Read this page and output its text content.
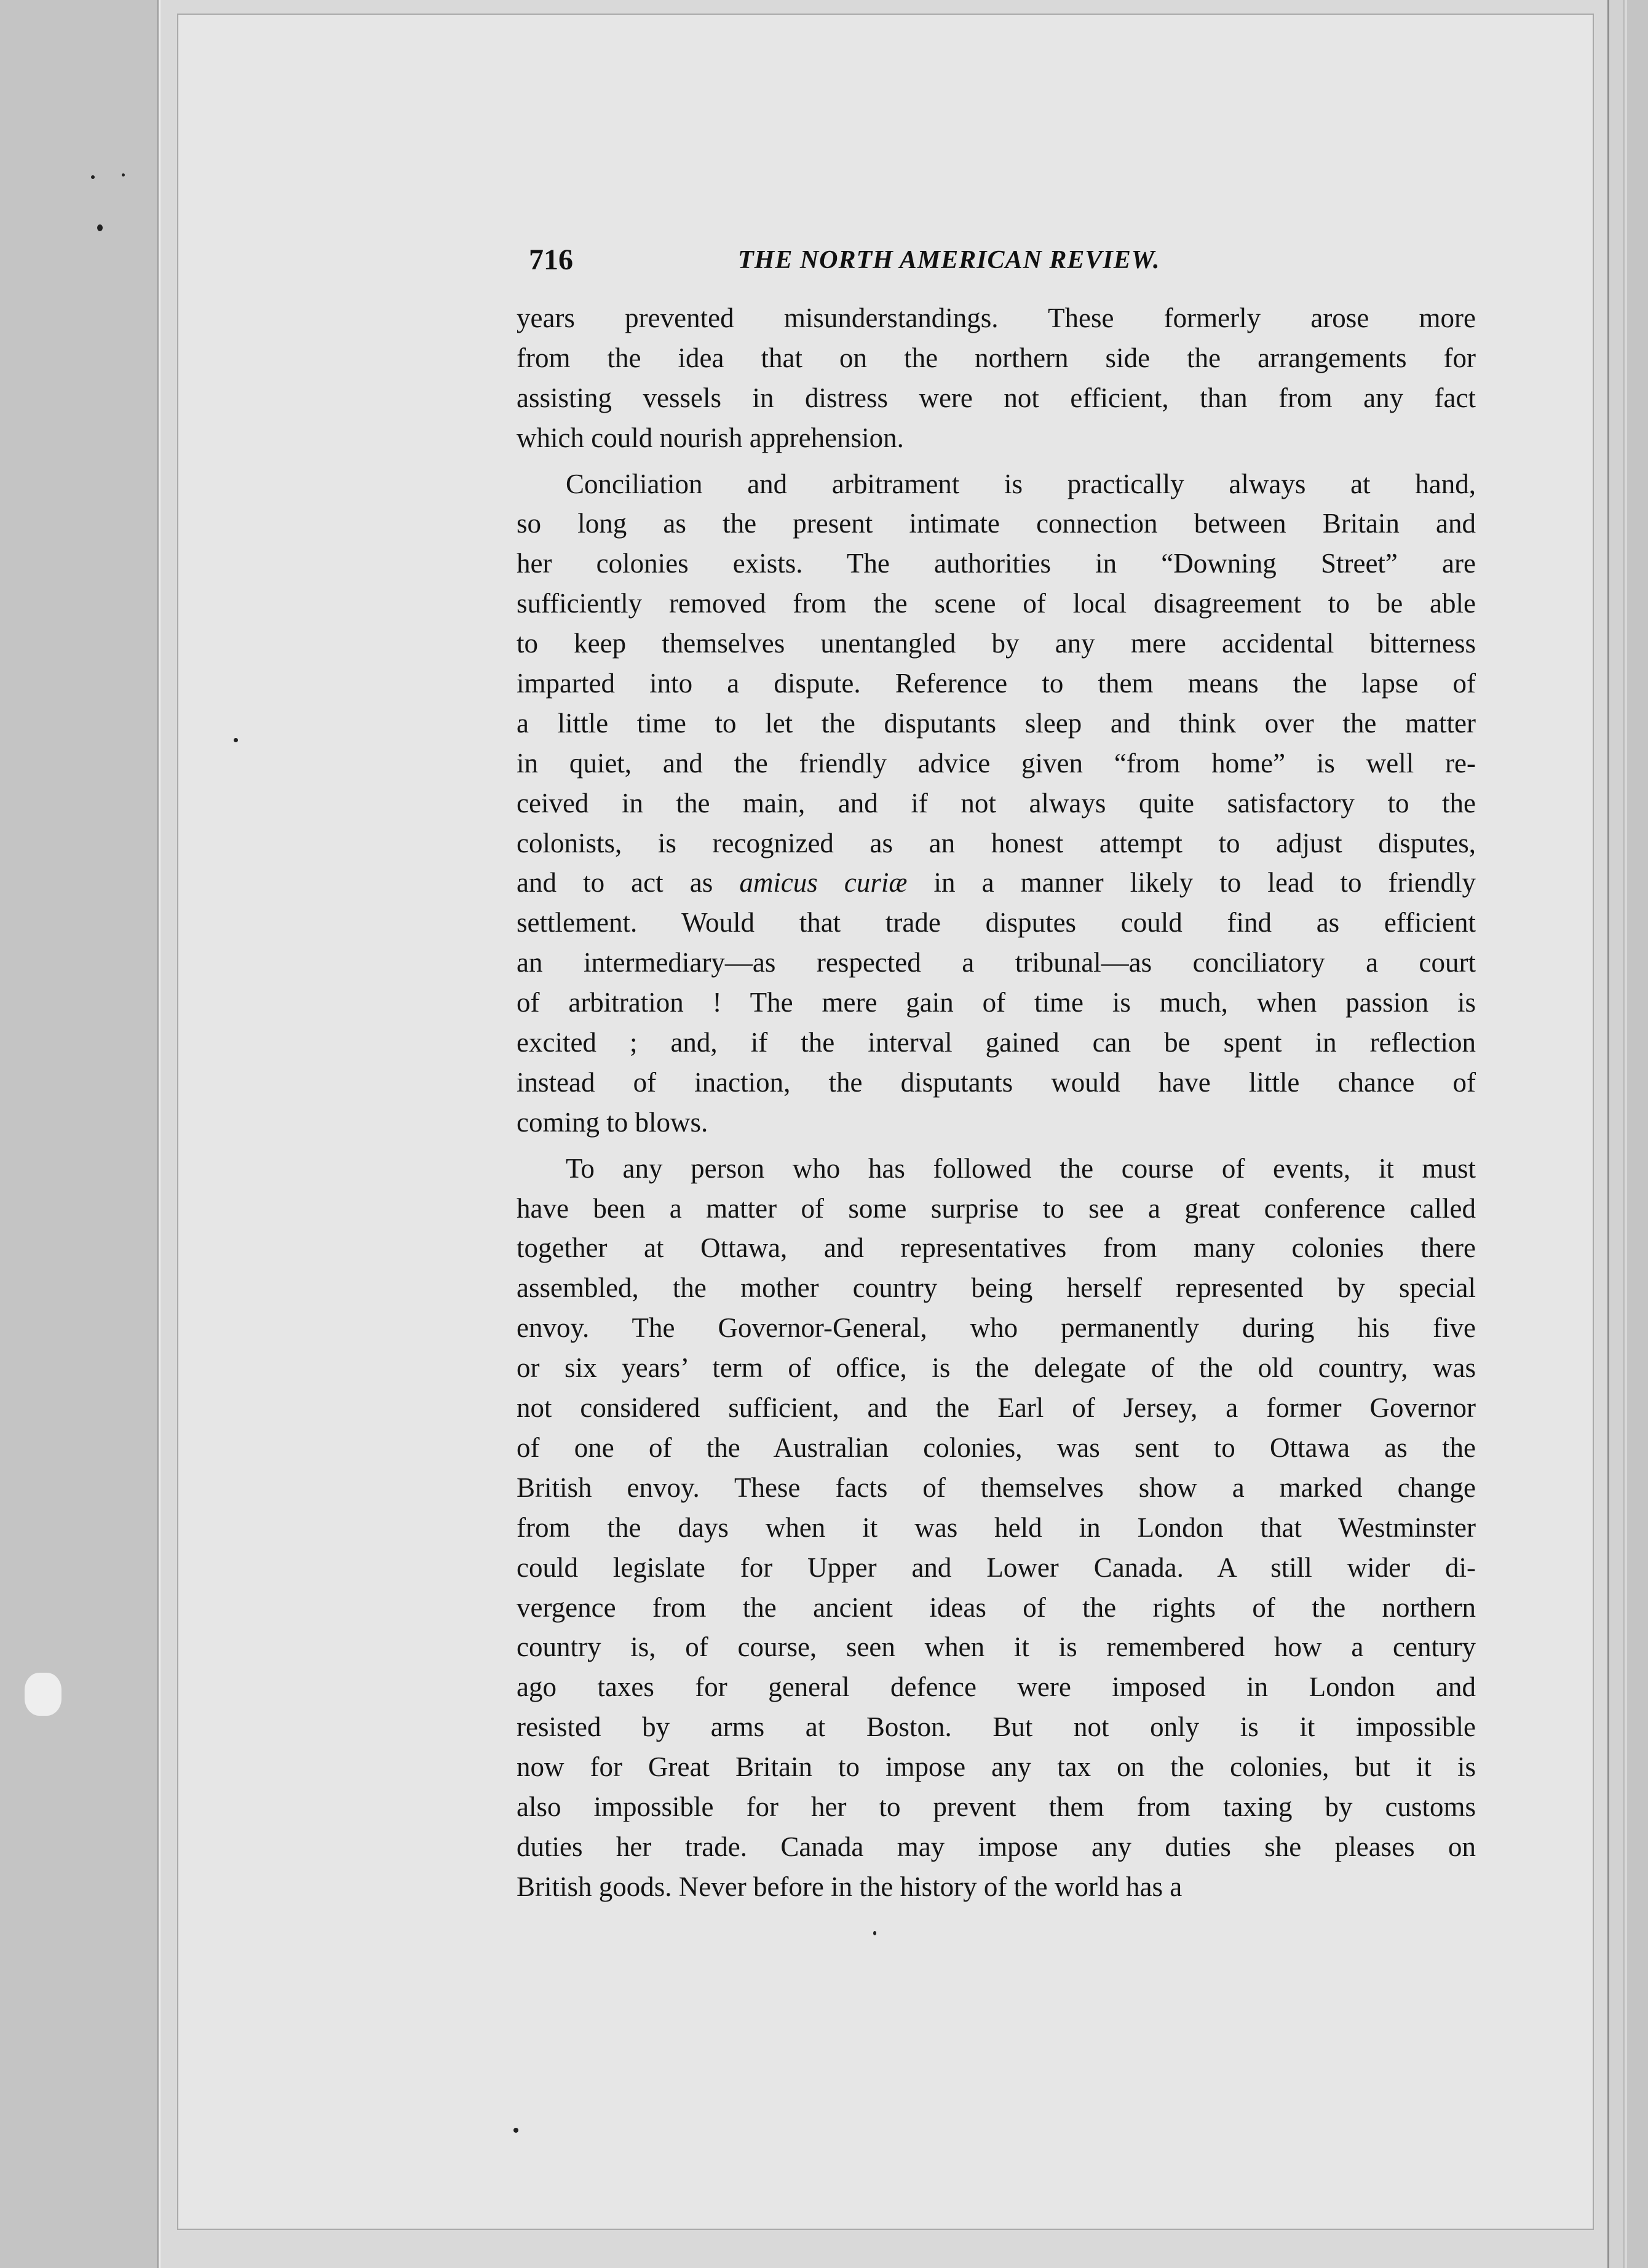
716	THE NORTH AMERICAN REVIEW.
years prevented misunderstandings. These formerly arose more
from the idea that on the northern side the arrangements for
assisting vessels in distress were not efficient, than from any fact
which could nourish apprehension.
Conciliation and arbitrament is practically always at hand,
so long as the present intimate connection between Britain and
her colonies exists. The authorities in “Downing Street” are
sufficiently removed from the scene of local disagreement to be able
to keep themselves unentangled by any mere accidental bitterness
imparted into a dispute. Reference to them means the lapse of
a little time to let the disputants sleep and think over the matter
in quiet, and the friendly advice given “from home” is well re-
ceived in the main, and if not always quite satisfactory to the
colonists, is recognized as an honest attempt to adjust disputes,
and to act as amicus curiæ in a manner likely to lead to friendly
settlement. Would that trade disputes could find as efficient
an intermediary—as respected a tribunal—as conciliatory a court
of arbitration ! The mere gain of time is much, when passion is
excited ; and, if the interval gained can be spent in reflection
instead of inaction, the disputants would have little chance of
coming to blows.
To any person who has followed the course of events, it must
have been a matter of some surprise to see a great conference called
together at Ottawa, and representatives from many colonies there
assembled, the mother country being herself represented by special
envoy. The Governor-General, who permanently during his five
or six years’ term of office, is the delegate of the old country, was
not considered sufficient, and the Earl of Jersey, a former Governor
of one of the Australian colonies, was sent to Ottawa as the
British envoy. These facts of themselves show a marked change
from the days when it was held in London that Westminster
could legislate for Upper and Lower Canada. A still wider di-
vergence from the ancient ideas of the rights of the northern
country is, of course, seen when it is remembered how a century
ago taxes for general defence were imposed in London and
resisted by arms at Boston. But not only is it impossible
now for Great Britain to impose any tax on the colonies, but it is
also impossible for her to prevent them from taxing by customs
duties her trade. Canada may impose any duties she pleases on
British goods. Never before in the history of the world has a
